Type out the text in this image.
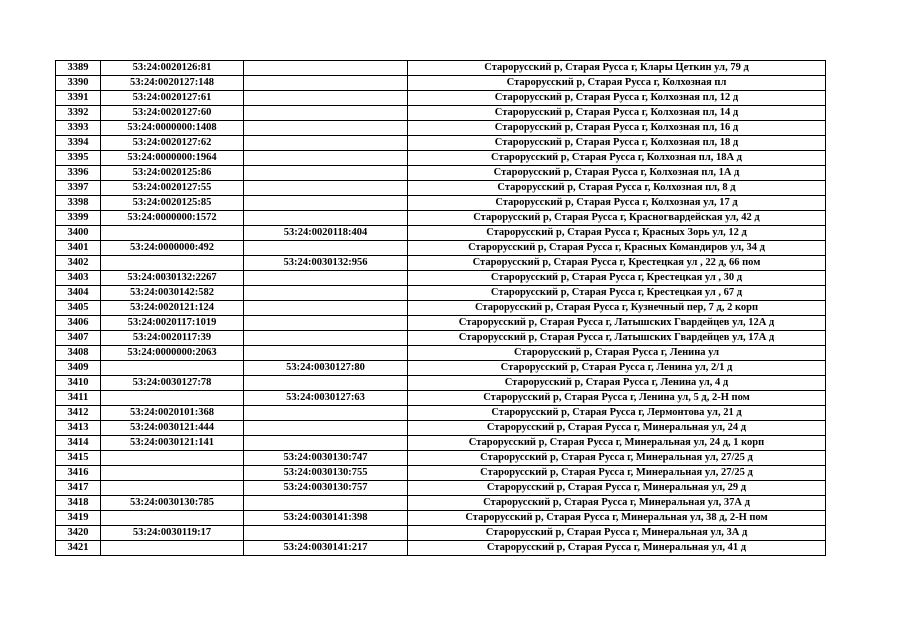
3389	53:24:0020126:81		Старорусский р, Старая Русса г, Клары Цеткин ул, 79 д
3390	53:24:0020127:148		Старорусский р, Старая Русса г, Колхозная пл
3391	53:24:0020127:61		Старорусский р, Старая Русса г, Колхозная пл, 12 д
3392	53:24:0020127:60		Старорусский р, Старая Русса г, Колхозная пл, 14 д
3393	53:24:0000000:1408		Старорусский р, Старая Русса г, Колхозная пл, 16 д
3394	53:24:0020127:62		Старорусский р, Старая Русса г, Колхозная пл, 18 д
3395	53:24:0000000:1964		Старорусский р, Старая Русса г, Колхозная пл, 18А д
3396	53:24:0020125:86		Старорусский р, Старая Русса г, Колхозная пл, 1А д
3397	53:24:0020127:55		Старорусский р, Старая Русса г, Колхозная пл, 8 д
3398	53:24:0020125:85		Старорусский р, Старая Русса г, Колхозная ул, 17 д
3399	53:24:0000000:1572		Старорусский р, Старая Русса г, Красногвардейская ул, 42 д
3400		53:24:0020118:404	Старорусский р, Старая Русса г, Красных Зорь ул, 12 д
3401	53:24:0000000:492		Старорусский р, Старая Русса г, Красных Командиров ул, 34 д
3402		53:24:0030132:956	Старорусский р, Старая Русса г, Крестецкая ул , 22 д, 66 пом
3403	53:24:0030132:2267		Старорусский р, Старая Русса г, Крестецкая ул , 30 д
3404	53:24:0030142:582		Старорусский р, Старая Русса г, Крестецкая ул , 67 д
3405	53:24:0020121:124		Старорусский р, Старая Русса г, Кузнечный пер, 7 д, 2 корп
3406	53:24:0020117:1019		Старорусский р, Старая Русса г, Латышских Гвардейцев ул, 12А д
3407	53:24:0020117:39		Старорусский р, Старая Русса г, Латышских Гвардейцев ул, 17А д
3408	53:24:0000000:2063		Старорусский р, Старая Русса г, Ленина ул
3409		53:24:0030127:80	Старорусский р, Старая Русса г, Ленина ул, 2/1 д
3410	53:24:0030127:78		Старорусский р, Старая Русса г, Ленина ул, 4 д
3411		53:24:0030127:63	Старорусский р, Старая Русса г, Ленина ул, 5 д, 2-Н пом
3412	53:24:0020101:368		Старорусский р, Старая Русса г, Лермонтова ул, 21 д
3413	53:24:0030121:444		Старорусский р, Старая Русса г, Минеральная ул, 24 д
3414	53:24:0030121:141		Старорусский р, Старая Русса г, Минеральная ул, 24 д, 1 корп
3415		53:24:0030130:747	Старорусский р, Старая Русса г, Минеральная ул, 27/25 д
3416		53:24:0030130:755	Старорусский р, Старая Русса г, Минеральная ул, 27/25 д
3417		53:24:0030130:757	Старорусский р, Старая Русса г, Минеральная ул, 29 д
3418	53:24:0030130:785		Старорусский р, Старая Русса г, Минеральная ул, 37А д
3419		53:24:0030141:398	Старорусский р, Старая Русса г, Минеральная ул, 38 д, 2-Н пом
3420	53:24:0030119:17		Старорусский р, Старая Русса г, Минеральная ул, 3А д
3421		53:24:0030141:217	Старорусский р, Старая Русса г, Минеральная ул, 41 д
